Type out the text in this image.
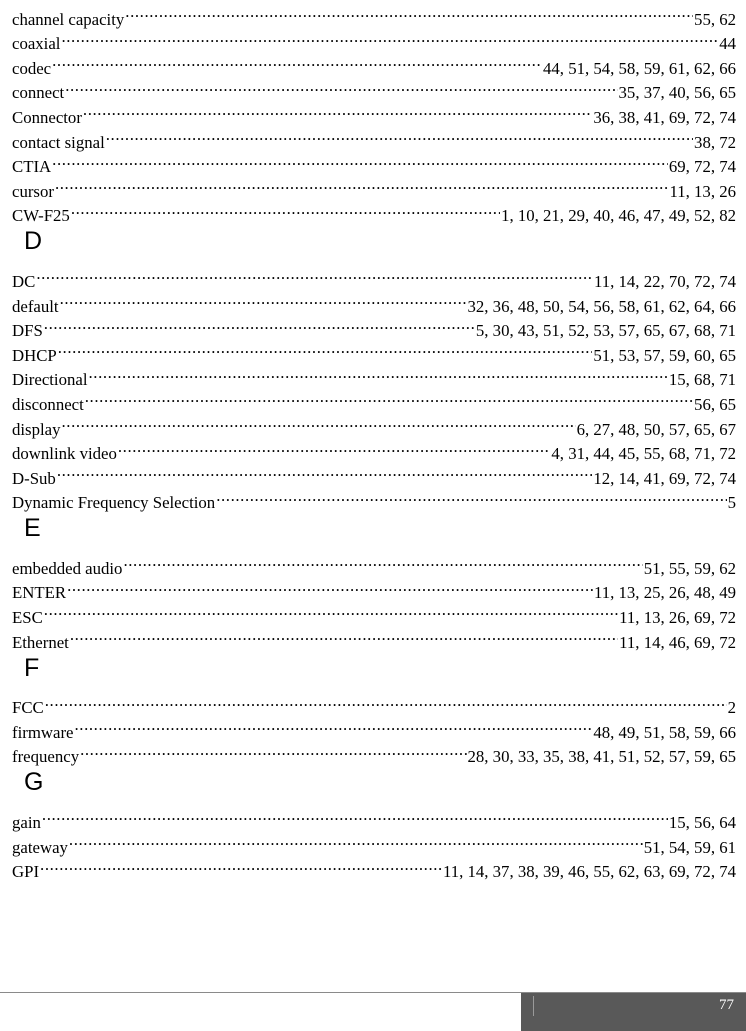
channel capacity .....	55, 62
coaxial .....	44
codec .....	44, 51, 54, 58, 59, 61, 62, 66
connect .....	35, 37, 40, 56, 65
Connector .....	36, 38, 41, 69, 72, 74
contact signal .....	38, 72
CTIA .....	69, 72, 74
cursor .....	11, 13, 26
CW-F25 .....	1, 10, 21, 29, 40, 46, 47, 49, 52, 82
D
DC .....	11, 14, 22, 70, 72, 74
default .....	32, 36, 48, 50, 54, 56, 58, 61, 62, 64, 66
DFS .....	5, 30, 43, 51, 52, 53, 57, 65, 67, 68, 71
DHCP .....	51, 53, 57, 59, 60, 65
Directional .....	15, 68, 71
disconnect .....	56, 65
display .....	6, 27, 48, 50, 57, 65, 67
downlink video .....	4, 31, 44, 45, 55, 68, 71, 72
D-Sub .....	12, 14, 41, 69, 72, 74
Dynamic Frequency Selection .....	5
E
embedded audio .....	51, 55, 59, 62
ENTER .....	11, 13, 25, 26, 48, 49
ESC .....	11, 13, 26, 69, 72
Ethernet .....	11, 14, 46, 69, 72
F
FCC .....	2
firmware .....	48, 49, 51, 58, 59, 66
frequency .....	28, 30, 33, 35, 38, 41, 51, 52, 57, 59, 65
G
gain .....	15, 56, 64
gateway .....	51, 54, 59, 61
GPI .....	11, 14, 37, 38, 39, 46, 55, 62, 63, 69, 72, 74
77
